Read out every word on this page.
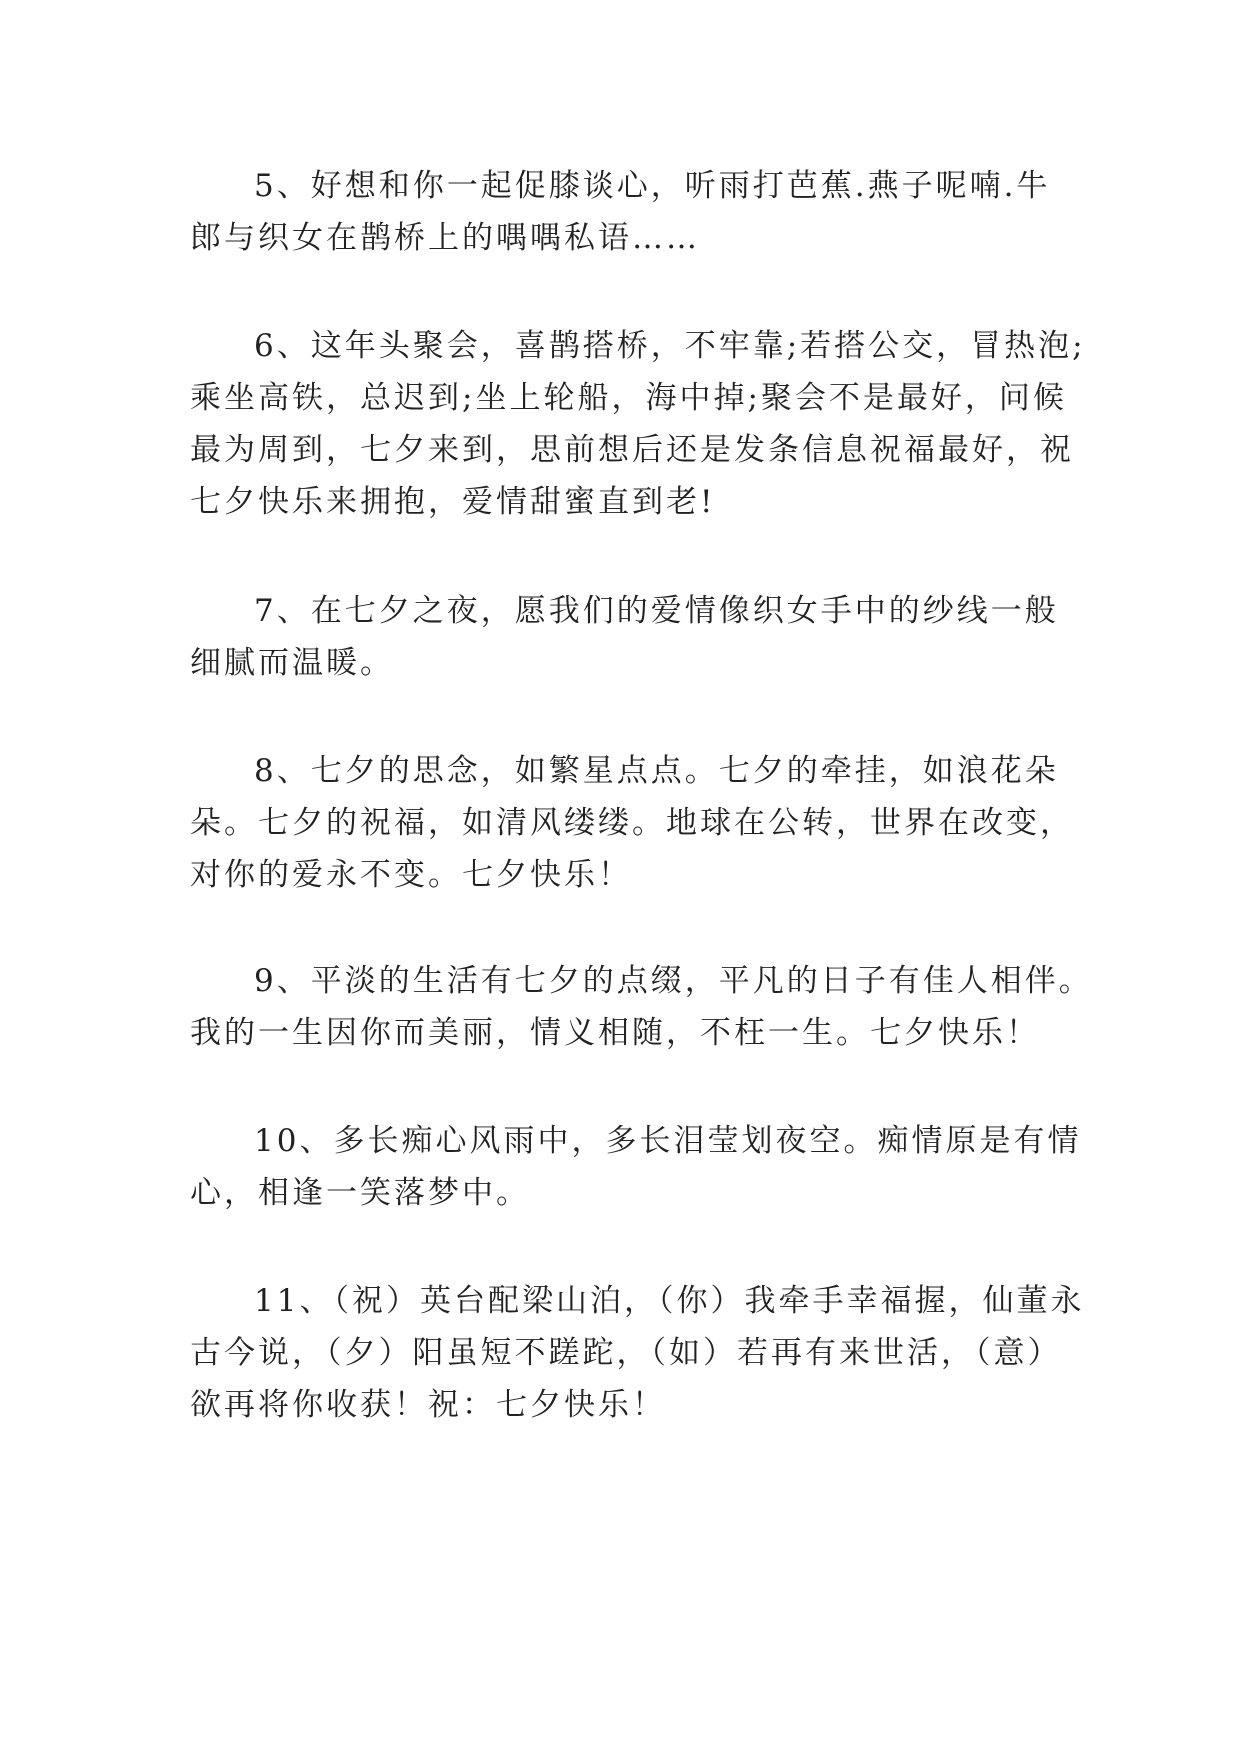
5、好想和你一起促膝谈心，听雨打芭蕉.燕子呢喃.牛
郎与织女在鹊桥上的喁喁私语……
6、这年头聚会，喜鹊搭桥，不牢靠;若搭公交，冒热泡;
乘坐高铁，总迟到;坐上轮船，海中掉;聚会不是最好，问候
最为周到，七夕来到，思前想后还是发条信息祝福最好，祝
七夕快乐来拥抱，爱情甜蜜直到老!
7、在七夕之夜，愿我们的爱情像织女手中的纱线一般
细腻而温暖。
8、七夕的思念，如繁星点点。七夕的牵挂，如浪花朵
朵。七夕的祝福，如清风缕缕。地球在公转，世界在改变，
对你的爱永不变。七夕快乐！
9、平淡的生活有七夕的点缀，平凡的日子有佳人相伴。
我的一生因你而美丽，情义相随，不枉一生。七夕快乐！
10、多长痴心风雨中，多长泪莹划夜空。痴情原是有情
心，相逢一笑落梦中。
11、（祝）英台配梁山泊，（你）我牵手幸福握，仙董永
古今说，（夕）阳虽短不蹉跎，（如）若再有来世活，（意）
欲再将你收获！祝：七夕快乐！
